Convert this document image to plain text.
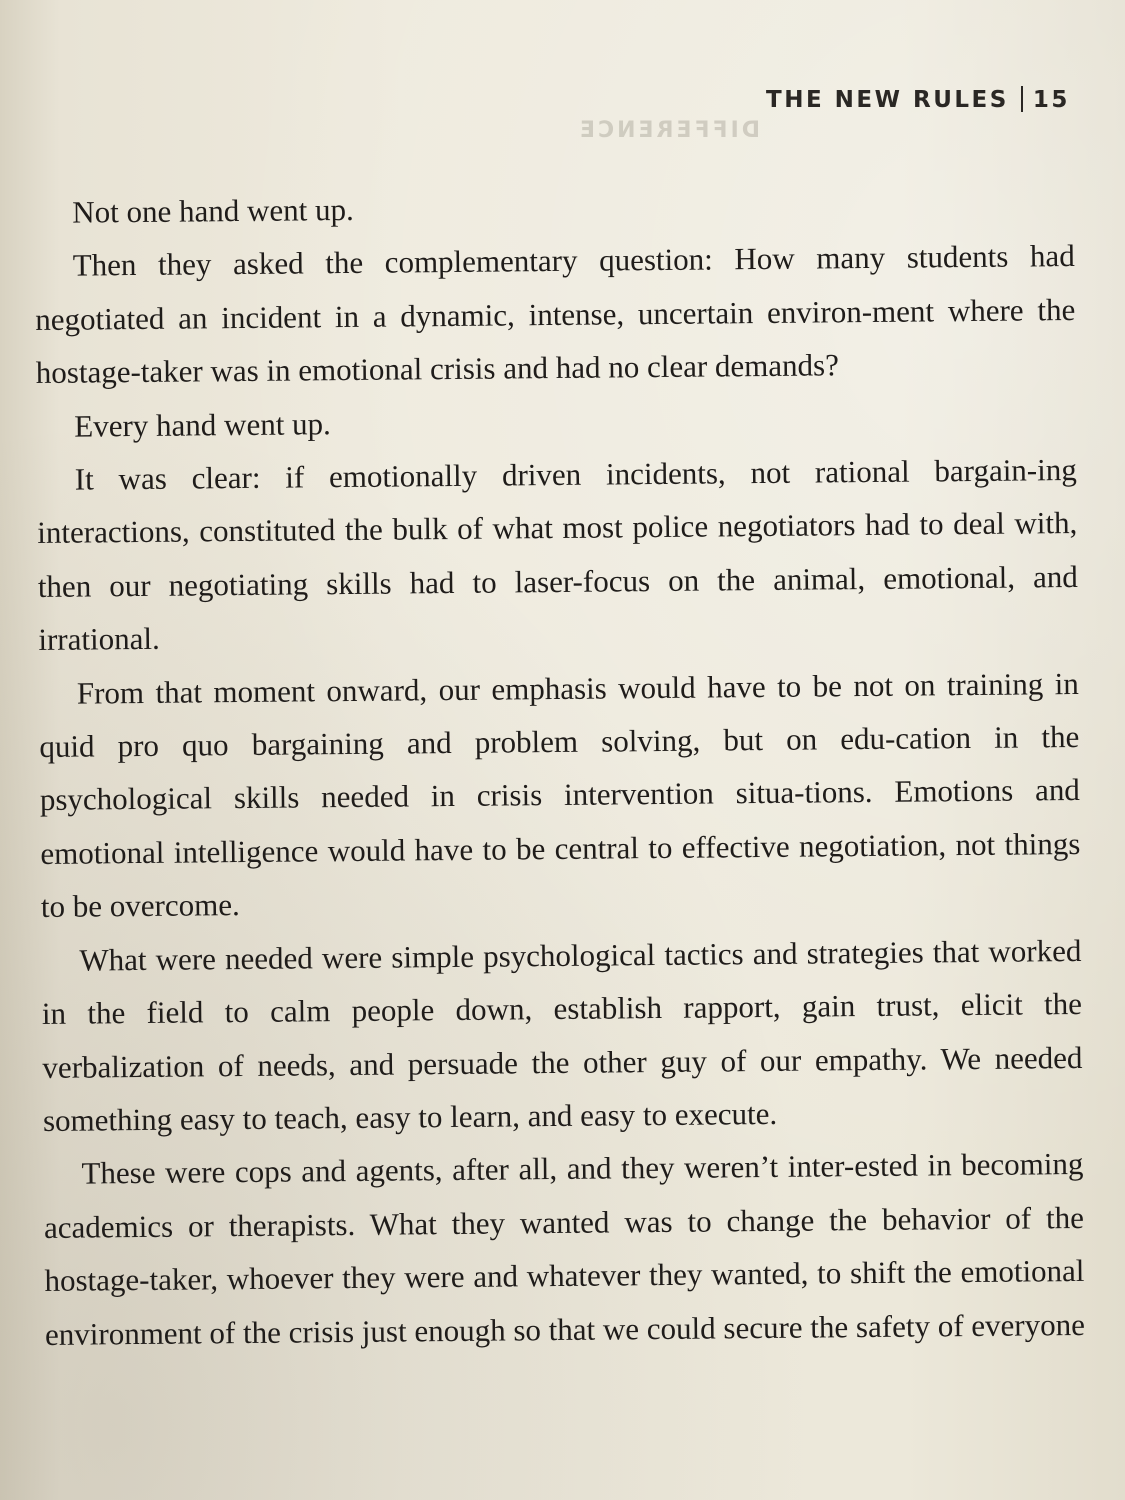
DIFFERENCE
THE NEW RULES 15

Not one hand went up.

Then they asked the complementary question: How many students had negotiated an incident in a dynamic, intense, uncertain environ-ment where the hostage-taker was in emotional crisis and had no clear demands?

Every hand went up.

It was clear: if emotionally driven incidents, not rational bargain-ing interactions, constituted the bulk of what most police negotiators had to deal with, then our negotiating skills had to laser-focus on the animal, emotional, and irrational.

From that moment onward, our emphasis would have to be not on training in quid pro quo bargaining and problem solving, but on edu-cation in the psychological skills needed in crisis intervention situa-tions. Emotions and emotional intelligence would have to be central to effective negotiation, not things to be overcome.

What were needed were simple psychological tactics and strategies that worked in the field to calm people down, establish rapport, gain trust, elicit the verbalization of needs, and persuade the other guy of our empathy. We needed something easy to teach, easy to learn, and easy to execute.

These were cops and agents, after all, and they weren’t inter-ested in becoming academics or therapists. What they wanted was to change the behavior of the hostage-taker, whoever they were and whatever they wanted, to shift the emotional environment of the crisis just enough so that we could secure the safety of everyone
